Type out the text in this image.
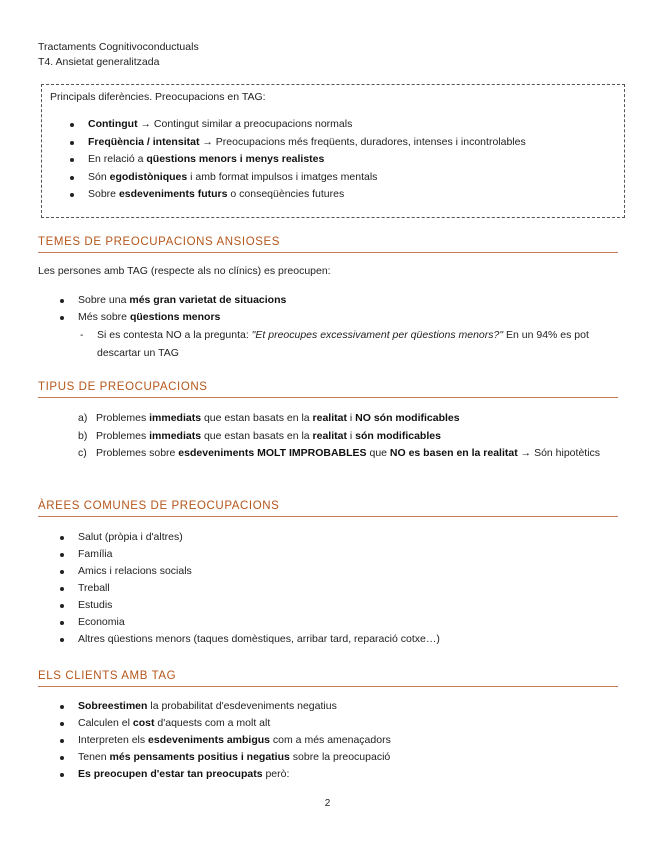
Tractaments Cognitivoconductuals
T4. Ansietat generalitzada
Principals diferències. Preocupacions en TAG:
Contingut → Contingut similar a preocupacions normals
Freqüència / intensitat → Preocupacions més freqüents, duradores, intenses i incontrolables
En relació a qüestions menors i menys realistes
Són egodistòniques i amb format impulsos i imatges mentals
Sobre esdeveniments futurs o conseqüències futures
TEMES DE PREOCUPACIONS ANSIOSES
Les persones amb TAG (respecte als no clínics) es preocupen:
Sobre una més gran varietat de situacions
Més sobre qüestions menors
- Si es contesta NO a la pregunta: "Et preocupes excessivament per qüestions menors?" En un 94% es pot descartar un TAG
TIPUS DE PREOCUPACIONS
a) Problemes immediats que estan basats en la realitat i NO són modificables
b) Problemes immediats que estan basats en la realitat i són modificables
c) Problemes sobre esdeveniments MOLT IMPROBABLES que NO es basen en la realitat → Són hipotètics
ÀREES COMUNES DE PREOCUPACIONS
Salut (pròpia i d'altres)
Família
Amics i relacions socials
Treball
Estudis
Economia
Altres qüestions menors (taques domèstiques, arribar tard, reparació cotxe…)
ELS CLIENTS AMB TAG
Sobreestimen la probabilitat d'esdeveniments negatius
Calculen el cost d'aquests com a molt alt
Interpreten els esdeveniments ambigus com a més amenaçadors
Tenen més pensaments positius i negatius sobre la preocupació
Es preocupen d'estar tan preocupats però:
2
